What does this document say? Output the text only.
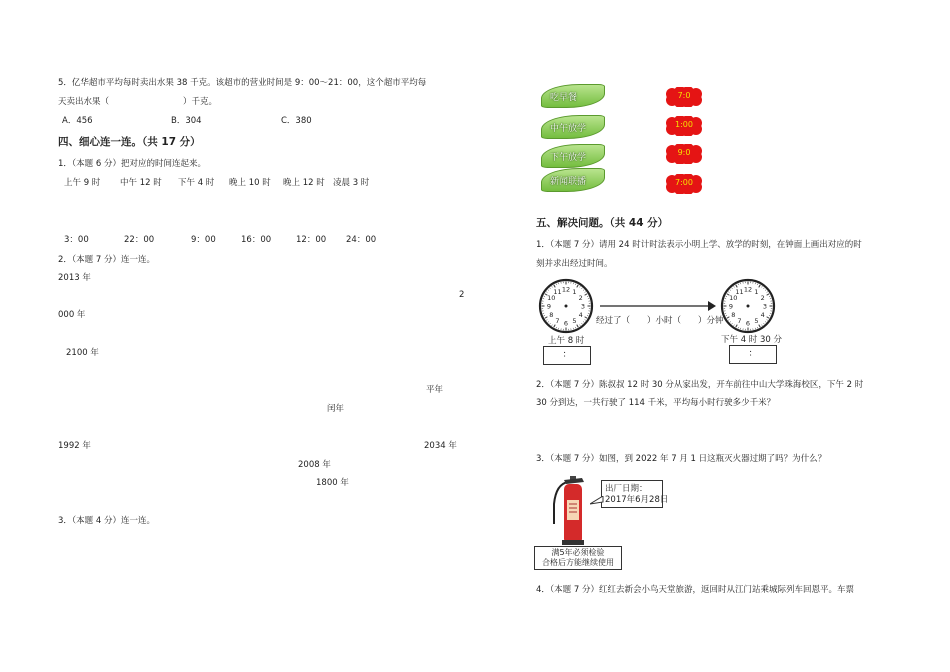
5．亿华超市平均每时卖出水果 38 千克。该超市的营业时间是 9：00～21：00，这个超市平均每
天卖出水果（	）千克。
A．456	B．304	C．380
四、细心连一连。（共 17 分）
1．（本题 6 分）把对应的时间连起来。
上午 9 时 中午 12 时 下午 4 时 晚上 10 时 晚上 12 时 凌晨 3 时
3：00	22：00	9：00	16：00	12：00 24：00
2．（本题 7 分）连一连。
2013 年
2
000 年
2100 年
平年
闰年
1992 年	2034 年
2008 年
1800 年
3．（本题 4 分）连一连。
吃早餐
中午放学
下午放学
新闻联播
7:0
1:00
9:0
7:00
五、解决问题。（共 44 分）
1．（本题 7 分）请用 24 时计时法表示小明上学、放学的时刻，在钟面上画出对应的时
刻并求出经过时间。
12 1
2
3
4
5
6
7
8
9
10
11	12 1
2
3
4
5
6
7
8
9
10
11
经过了（　　）小时（　　）分钟
上午 8 时	下午 4 时 30 分
：	：
2．（本题 7 分）陈叔叔 12 时 30 分从家出发，开车前往中山大学珠海校区，下午 2 时
30 分到达，一共行驶了 114 千米，平均每小时行驶多少千米？
3．（本题 7 分）如图，到 2022 年 7 月 1 日这瓶灭火器过期了吗？为什么？
出厂日期：
2017年6月28日
满5年必须检验
合格后方能继续使用
4．（本题 7 分）红红去新会小鸟天堂旅游，返回时从江门站乘城际列车回恩平。车票
